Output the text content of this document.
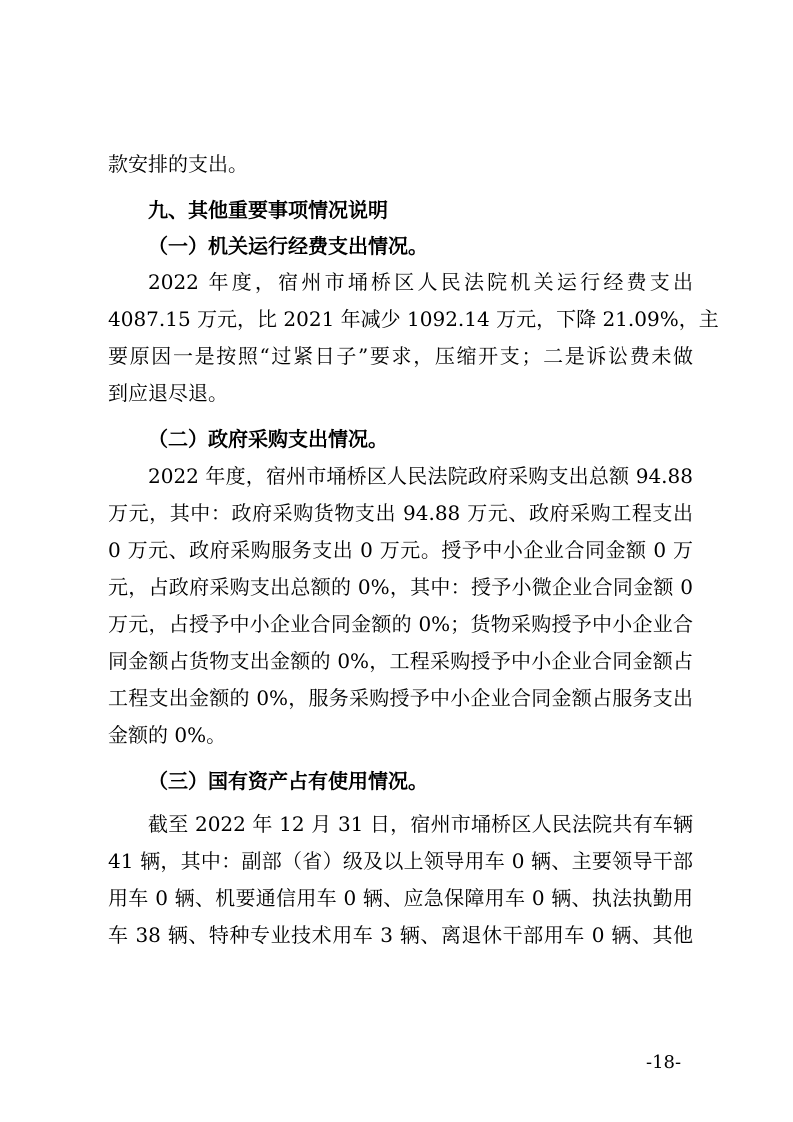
款安排的支出。
九、其他重要事项情况说明
（一）机关运行经费支出情况。
2022 年度，宿州市埇桥区人民法院机关运行经费支出
4087.15 万元，比 2021 年减少 1092.14 万元，下降 21.09%，主
要原因一是按照“过紧日子”要求，压缩开支；二是诉讼费未做
到应退尽退。
（二）政府采购支出情况。
2022 年度，宿州市埇桥区人民法院政府采购支出总额 94.88
万元，其中：政府采购货物支出 94.88 万元、政府采购工程支出
0 万元、政府采购服务支出 0 万元。授予中小企业合同金额 0 万
元，占政府采购支出总额的 0%，其中：授予小微企业合同金额 0
万元，占授予中小企业合同金额的 0%；货物采购授予中小企业合
同金额占货物支出金额的 0%，工程采购授予中小企业合同金额占
工程支出金额的 0%，服务采购授予中小企业合同金额占服务支出
金额的 0%。
（三）国有资产占有使用情况。
截至 2022 年 12 月 31 日，宿州市埇桥区人民法院共有车辆
41 辆，其中：副部（省）级及以上领导用车 0 辆、主要领导干部
用车 0 辆、机要通信用车 0 辆、应急保障用车 0 辆、执法执勤用
车 38 辆、特种专业技术用车 3 辆、离退休干部用车 0 辆、其他
-18-
